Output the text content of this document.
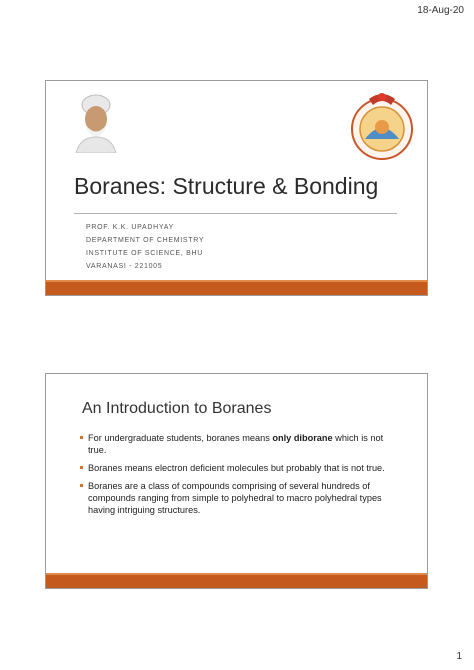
18-Aug-20
Boranes: Structure & Bonding
PROF. K.K. UPADHYAY
DEPARTMENT OF CHEMISTRY
INSTITUTE OF SCIENCE, BHU
VARANASI - 221005
An Introduction to Boranes
For undergraduate students, boranes means only diborane which is not true.
Boranes means electron deficient molecules but probably that is not true.
Boranes are a class of compounds comprising of several hundreds of compounds ranging from simple to polyhedral to macro polyhedral types having intriguing structures.
1
